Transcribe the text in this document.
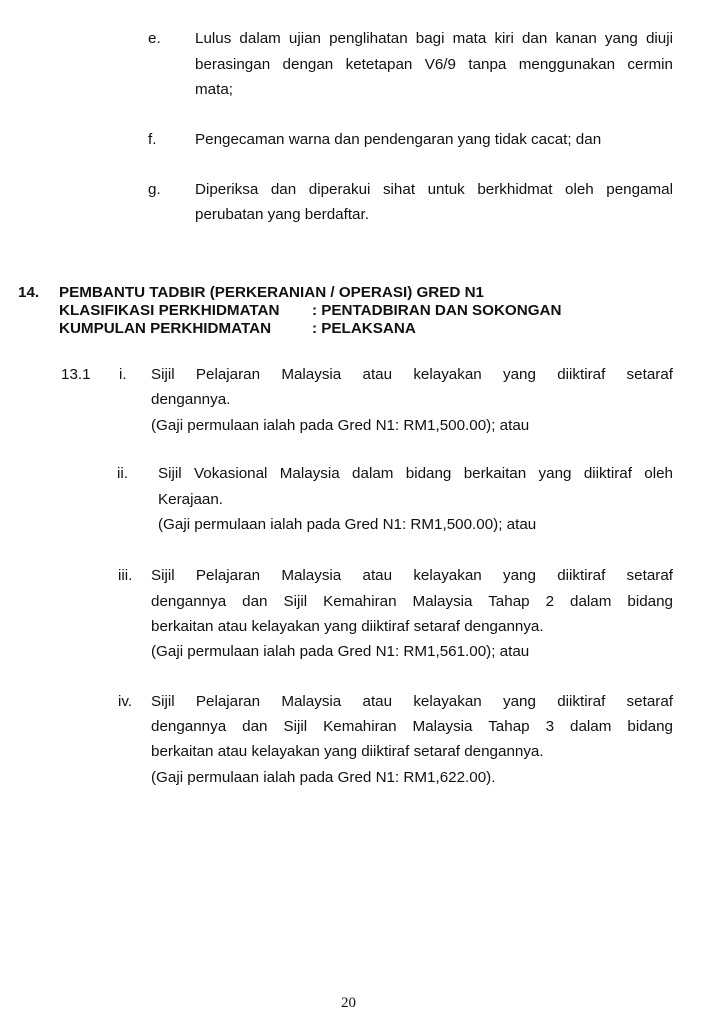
e. Lulus dalam ujian penglihatan bagi mata kiri dan kanan yang diuji
berasingan dengan ketetapan V6/9 tanpa menggunakan cermin
mata;
f.	Pengecaman warna dan pendengaran yang tidak cacat; dan
g. Diperiksa dan diperakui sihat untuk berkhidmat oleh pengamal
perubatan yang berdaftar.
14. PEMBANTU TADBIR (PERKERANIAN / OPERASI) GRED N1
KLASIFIKASI PERKHIDMATAN : PENTADBIRAN DAN SOKONGAN
KUMPULAN PERKHIDMATAN	: PELAKSANA
13.1 i. Sijil Pelajaran Malaysia atau kelayakan yang diiktiraf setaraf
dengannya.
(Gaji permulaan ialah pada Gred N1: RM1,500.00); atau
ii. Sijil Vokasional Malaysia dalam bidang berkaitan yang diiktiraf oleh
Kerajaan.
(Gaji permulaan ialah pada Gred N1: RM1,500.00); atau
iii. Sijil Pelajaran Malaysia atau kelayakan yang diiktiraf setaraf
dengannya dan Sijil Kemahiran Malaysia Tahap 2 dalam bidang
berkaitan atau kelayakan yang diiktiraf setaraf dengannya.
(Gaji permulaan ialah pada Gred N1: RM1,561.00); atau
iv. Sijil Pelajaran Malaysia atau kelayakan yang diiktiraf setaraf
dengannya dan Sijil Kemahiran Malaysia Tahap 3 dalam bidang
berkaitan atau kelayakan yang diiktiraf setaraf dengannya.
(Gaji permulaan ialah pada Gred N1: RM1,622.00).
20
